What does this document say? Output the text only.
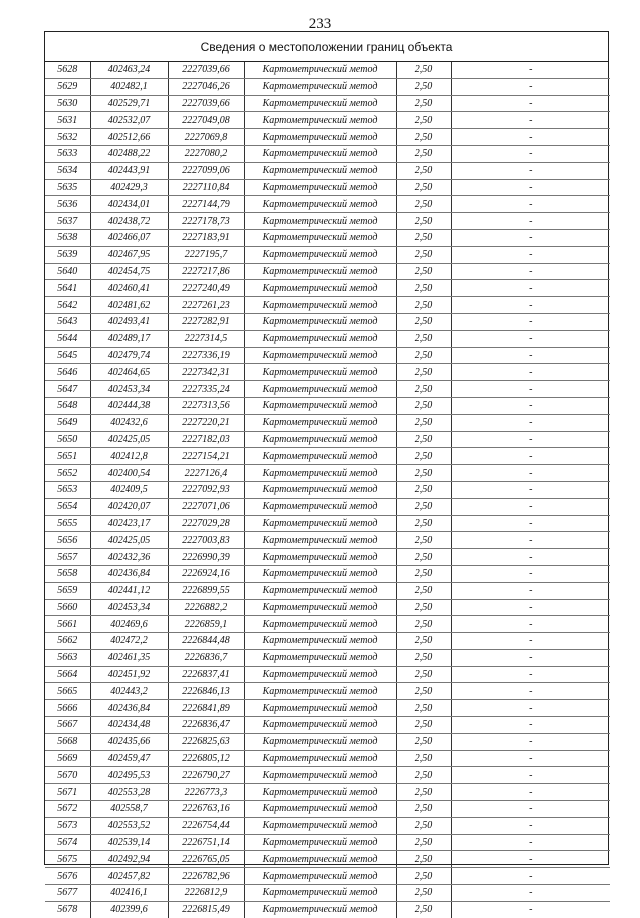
233
Сведения о местоположении границ объекта
5628	402463,24	2227039,66	Картометрический метод	2,50	-
5629	402482,1	2227046,26	Картометрический метод	2,50	-
5630	402529,71	2227039,66	Картометрический метод	2,50	-
5631	402532,07	2227049,08	Картометрический метод	2,50	-
5632	402512,66	2227069,8	Картометрический метод	2,50	-
5633	402488,22	2227080,2	Картометрический метод	2,50	-
5634	402443,91	2227099,06	Картометрический метод	2,50	-
5635	402429,3	2227110,84	Картометрический метод	2,50	-
5636	402434,01	2227144,79	Картометрический метод	2,50	-
5637	402438,72	2227178,73	Картометрический метод	2,50	-
5638	402466,07	2227183,91	Картометрический метод	2,50	-
5639	402467,95	2227195,7	Картометрический метод	2,50	-
5640	402454,75	2227217,86	Картометрический метод	2,50	-
5641	402460,41	2227240,49	Картометрический метод	2,50	-
5642	402481,62	2227261,23	Картометрический метод	2,50	-
5643	402493,41	2227282,91	Картометрический метод	2,50	-
5644	402489,17	2227314,5	Картометрический метод	2,50	-
5645	402479,74	2227336,19	Картометрический метод	2,50	-
5646	402464,65	2227342,31	Картометрический метод	2,50	-
5647	402453,34	2227335,24	Картометрический метод	2,50	-
5648	402444,38	2227313,56	Картометрический метод	2,50	-
5649	402432,6	2227220,21	Картометрический метод	2,50	-
5650	402425,05	2227182,03	Картометрический метод	2,50	-
5651	402412,8	2227154,21	Картометрический метод	2,50	-
5652	402400,54	2227126,4	Картометрический метод	2,50	-
5653	402409,5	2227092,93	Картометрический метод	2,50	-
5654	402420,07	2227071,06	Картометрический метод	2,50	-
5655	402423,17	2227029,28	Картометрический метод	2,50	-
5656	402425,05	2227003,83	Картометрический метод	2,50	-
5657	402432,36	2226990,39	Картометрический метод	2,50	-
5658	402436,84	2226924,16	Картометрический метод	2,50	-
5659	402441,12	2226899,55	Картометрический метод	2,50	-
5660	402453,34	2226882,2	Картометрический метод	2,50	-
5661	402469,6	2226859,1	Картометрический метод	2,50	-
5662	402472,2	2226844,48	Картометрический метод	2,50	-
5663	402461,35	2226836,7	Картометрический метод	2,50	-
5664	402451,92	2226837,41	Картометрический метод	2,50	-
5665	402443,2	2226846,13	Картометрический метод	2,50	-
5666	402436,84	2226841,89	Картометрический метод	2,50	-
5667	402434,48	2226836,47	Картометрический метод	2,50	-
5668	402435,66	2226825,63	Картометрический метод	2,50	-
5669	402459,47	2226805,12	Картометрический метод	2,50	-
5670	402495,53	2226790,27	Картометрический метод	2,50	-
5671	402553,28	2226773,3	Картометрический метод	2,50	-
5672	402558,7	2226763,16	Картометрический метод	2,50	-
5673	402553,52	2226754,44	Картометрический метод	2,50	-
5674	402539,14	2226751,14	Картометрический метод	2,50	-
5675	402492,94	2226765,05	Картометрический метод	2,50	-
5676	402457,82	2226782,96	Картометрический метод	2,50	-
5677	402416,1	2226812,9	Картометрический метод	2,50	-
5678	402399,6	2226815,49	Картометрический метод	2,50	-
